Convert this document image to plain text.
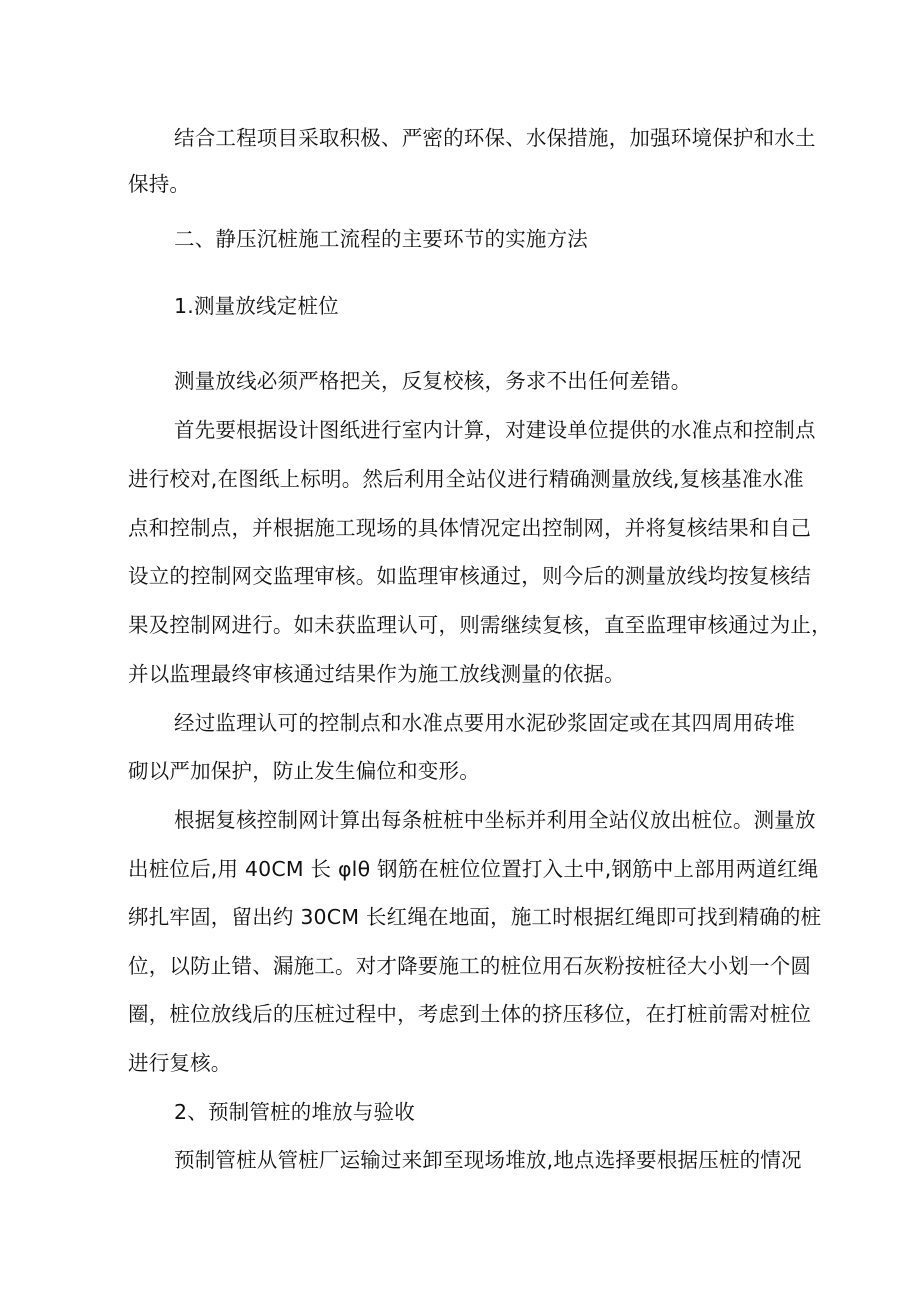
结合工程项目采取积极、严密的环保、水保措施，加强环境保护和水土
保持。
二、静压沉桩施工流程的主要环节的实施方法
1.测量放线定桩位
测量放线必须严格把关，反复校核，务求不出任何差错。
首先要根据设计图纸进行室内计算，对建设单位提供的水准点和控制点
进行校对,在图纸上标明。然后利用全站仪进行精确测量放线,复核基准水准
点和控制点，并根据施工现场的具体情况定出控制网，并将复核结果和自己
设立的控制网交监理审核。如监理审核通过，则今后的测量放线均按复核结
果及控制网进行。如未获监理认可，则需继续复核，直至监理审核通过为止，
并以监理最终审核通过结果作为施工放线测量的依据。
经过监理认可的控制点和水准点要用水泥砂浆固定或在其四周用砖堆
砌以严加保护，防止发生偏位和变形。
根据复核控制网计算出每条桩桩中坐标并利用全站仪放出桩位。测量放
出桩位后,用 40CM 长 φlθ 钢筋在桩位位置打入土中,钢筋中上部用两道红绳
绑扎牢固，留出约 30CM 长红绳在地面，施工时根据红绳即可找到精确的桩
位，以防止错、漏施工。对才降要施工的桩位用石灰粉按桩径大小划一个圆
圈，桩位放线后的压桩过程中，考虑到土体的挤压移位，在打桩前需对桩位
进行复核。
2、预制管桩的堆放与验收
预制管桩从管桩厂运输过来卸至现场堆放,地点选择要根据压桩的情况
